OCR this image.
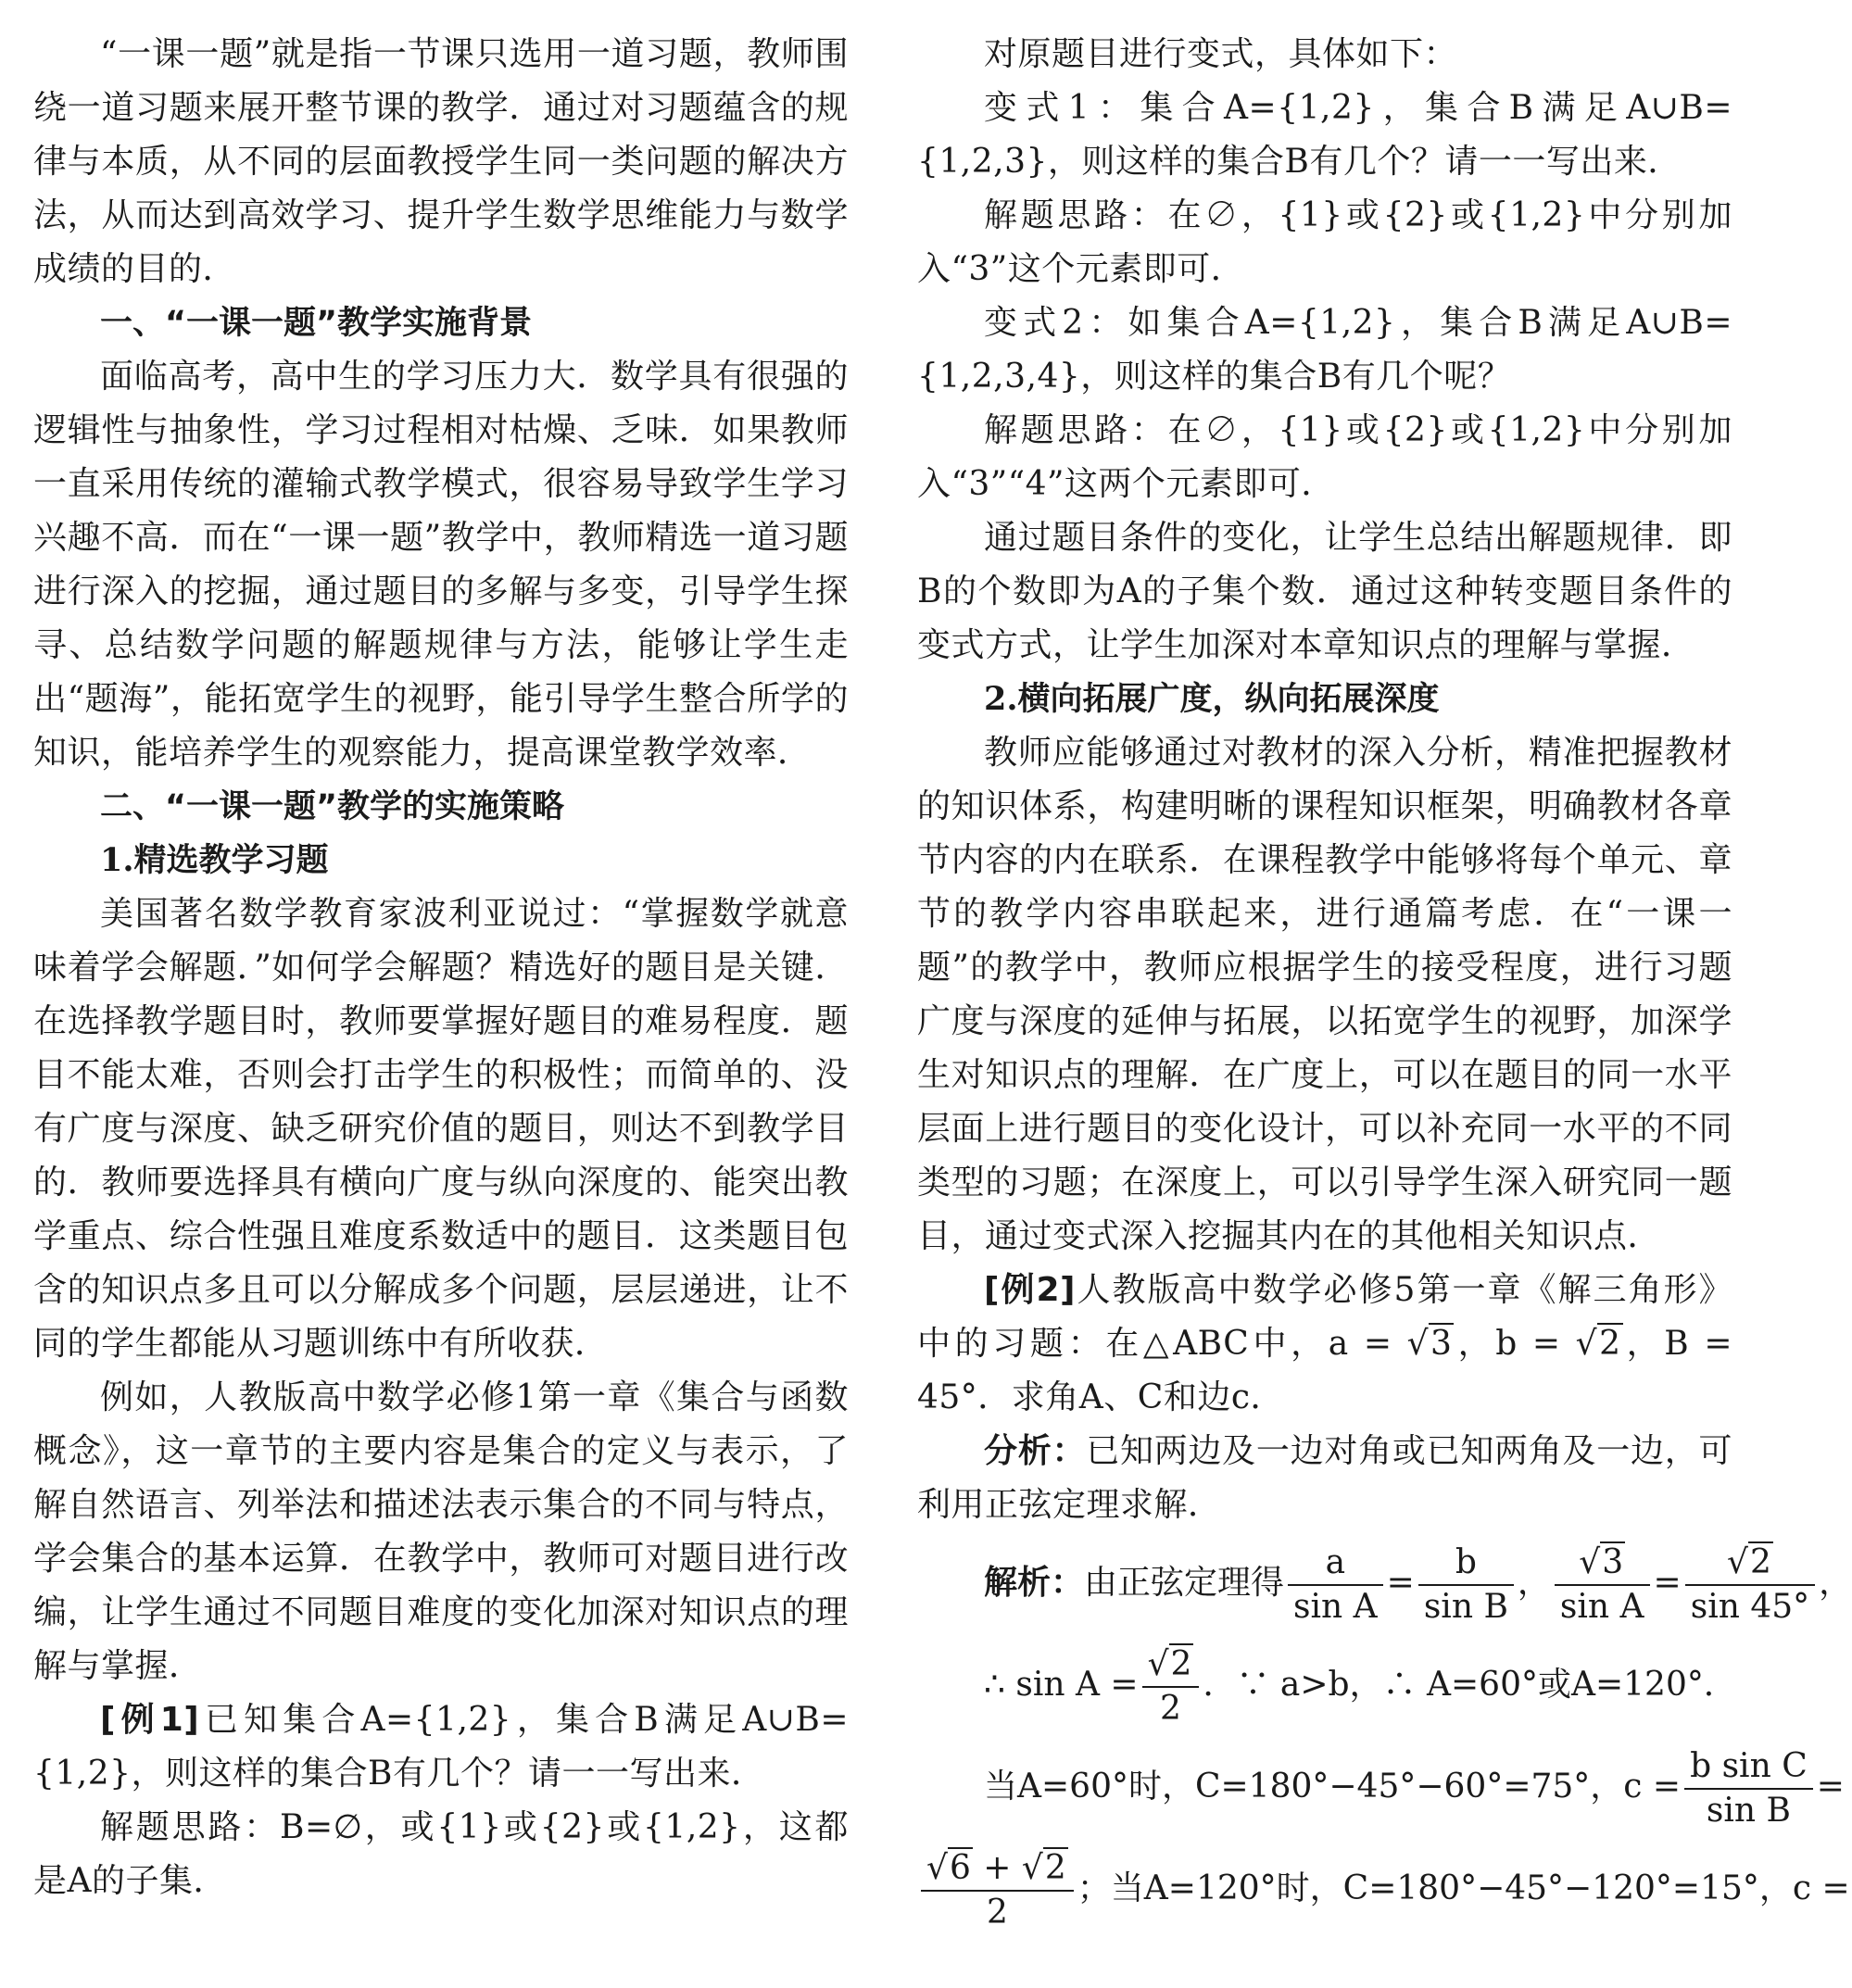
“一课一题”就是指一节课只选用一道习题，教师围绕一道习题来展开整节课的教学．通过对习题蕴含的规律与本质，从不同的层面教授学生同一类问题的解决方法，从而达到高效学习、提升学生数学思维能力与数学成绩的目的．

一、“一课一题”教学实施背景

面临高考，高中生的学习压力大．数学具有很强的逻辑性与抽象性，学习过程相对枯燥、乏味．如果教师一直采用传统的灌输式教学模式，很容易导致学生学习兴趣不高．而在“一课一题”教学中，教师精选一道习题进行深入的挖掘，通过题目的多解与多变，引导学生探寻、总结数学问题的解题规律与方法，能够让学生走出“题海”，能拓宽学生的视野，能引导学生整合所学的知识，能培养学生的观察能力，提高课堂教学效率．

二、“一课一题”教学的实施策略

1.精选教学习题

美国著名数学教育家波利亚说过：“掌握数学就意味着学会解题．”如何学会解题？精选好的题目是关键．在选择教学题目时，教师要掌握好题目的难易程度．题目不能太难，否则会打击学生的积极性；而简单的、没有广度与深度、缺乏研究价值的题目，则达不到教学目的．教师要选择具有横向广度与纵向深度的、能突出教学重点、综合性强且难度系数适中的题目．这类题目包含的知识点多且可以分解成多个问题，层层递进，让不同的学生都能从习题训练中有所收获．

例如，人教版高中数学必修1第一章《集合与函数概念》，这一章节的主要内容是集合的定义与表示，了解自然语言、列举法和描述法表示集合的不同与特点，学会集合的基本运算．在教学中，教师可对题目进行改编，让学生通过不同题目难度的变化加深对知识点的理解与掌握．

[例1]已知集合A={1,2}，集合B满足A∪B={1,2}，则这样的集合B有几个？请一一写出来．

解题思路：B=∅，或{1}或{2}或{1,2}，这都是A的子集．

对原题目进行变式，具体如下：

变式1：集合A={1,2}，集合B满足A∪B={1,2,3}，则这样的集合B有几个？请一一写出来．

解题思路：在∅，{1}或{2}或{1,2}中分别加入“3”这个元素即可．

变式2：如集合A={1,2}，集合B满足A∪B={1,2,3,4}，则这样的集合B有几个呢？

解题思路：在∅，{1}或{2}或{1,2}中分别加入“3”“4”这两个元素即可．

通过题目条件的变化，让学生总结出解题规律．即B的个数即为A的子集个数．通过这种转变题目条件的变式方式，让学生加深对本章知识点的理解与掌握．

2.横向拓展广度，纵向拓展深度

教师应能够通过对教材的深入分析，精准把握教材的知识体系，构建明晰的课程知识框架，明确教材各章节内容的内在联系．在课程教学中能够将每个单元、章节的教学内容串联起来，进行通篇考虑．在“一课一题”的教学中，教师应根据学生的接受程度，进行习题广度与深度的延伸与拓展，以拓宽学生的视野，加深学生对知识点的理解．在广度上，可以在题目的同一水平层面上进行题目的变化设计，可以补充同一水平的不同类型的习题；在深度上，可以引导学生深入研究同一题目，通过变式深入挖掘其内在的其他相关知识点．

[例2]人教版高中数学必修5第一章《解三角形》中的习题：在△ABC中，a = √3，b = √2，B = 45°．求角A、C和边c．

分析：已知两边及一边对角或已知两角及一边，可利用正弦定理求解．

解析：由正弦定理得 $\frac{a}{\text{sin A}} = \frac{b}{\text{sin B}}$ ， $\frac{√3}{\text{sin A}} = \frac{√2}{\sin 45^\circ}$ ，

∴ $\sin A = \frac{√2}{2}$ ．∵ a>b，∴ A=60°或A=120°．

当A=60°时，C=180°−45°−60°=75°，$c = \frac{\text{b sin C}}{\text{sin B}}$ =

$\frac{√6 + √2}{2}$ ；当A=120°时，C=180°−45°−120°=15°，c =
